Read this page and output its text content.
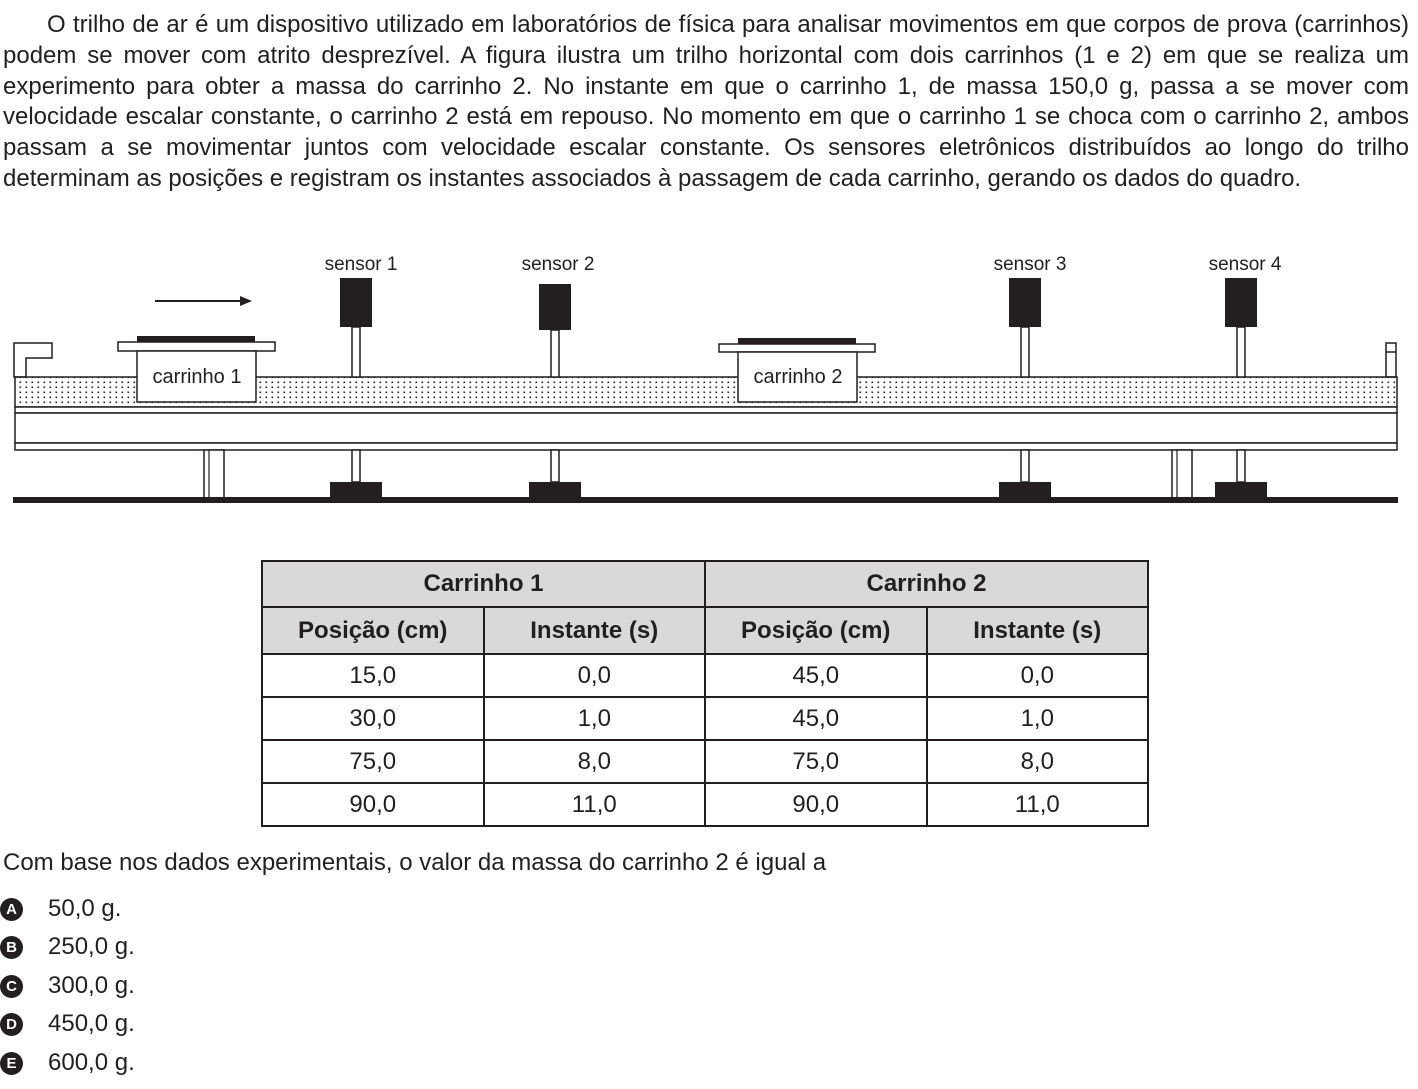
O trilho de ar é um dispositivo utilizado em laboratórios de física para analisar movimentos em que corpos de prova (carrinhos) podem se mover com atrito desprezível. A figura ilustra um trilho horizontal com dois carrinhos (1 e 2) em que se realiza um experimento para obter a massa do carrinho 2. No instante em que o carrinho 1, de massa 150,0 g, passa a se mover com velocidade escalar constante, o carrinho 2 está em repouso. No momento em que o carrinho 1 se choca com o carrinho 2, ambos passam a se movimentar juntos com velocidade escalar constante. Os sensores eletrônicos distribuídos ao longo do trilho determinam as posições e registram os instantes associados à passagem de cada carrinho, gerando os dados do quadro.

sensor 1	sensor 2	sensor 3	sensor 4
carrinho 1	carrinho 2
Carrinho 1		Carrinho 2	
Posição (cm)	Instante (s)	Posição (cm)	Instante (s)
15,0	0,0	45,0	0,0
30,0	1,0	45,0	1,0
75,0	8,0	75,0	8,0
90,0	11,0	90,0	11,0

Com base nos dados experimentais, o valor da massa do carrinho 2 é igual a

A 50,0 g.
B 250,0 g.
C 300,0 g.
D 450,0 g.
E 600,0 g.
